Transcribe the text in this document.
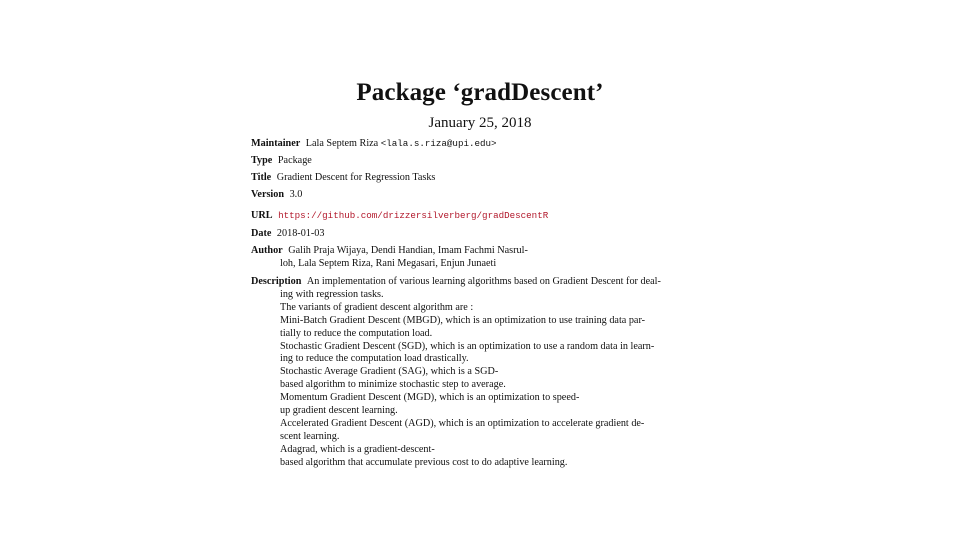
Package ‘gradDescent’
January 25, 2018
Maintainer Lala Septem Riza <lala.s.riza@upi.edu>
Type Package
Title Gradient Descent for Regression Tasks
Version 3.0
URL https://github.com/drizzersilverberg/gradDescentR
Date 2018-01-03
Author Galih Praja Wijaya, Dendi Handian, Imam Fachmi Nasrul-
loh, Lala Septem Riza, Rani Megasari, Enjun Junaeti
Description An implementation of various learning algorithms based on Gradient Descent for deal-
ing with regression tasks.
The variants of gradient descent algorithm are :
Mini-Batch Gradient Descent (MBGD), which is an optimization to use training data par-
tially to reduce the computation load.
Stochastic Gradient Descent (SGD), which is an optimization to use a random data in learn-
ing to reduce the computation load drastically.
Stochastic Average Gradient (SAG), which is a SGD-
based algorithm to minimize stochastic step to average.
Momentum Gradient Descent (MGD), which is an optimization to speed-
up gradient descent learning.
Accelerated Gradient Descent (AGD), which is an optimization to accelerate gradient de-
scent learning.
Adagrad, which is a gradient-descent-
based algorithm that accumulate previous cost to do adaptive learning.
